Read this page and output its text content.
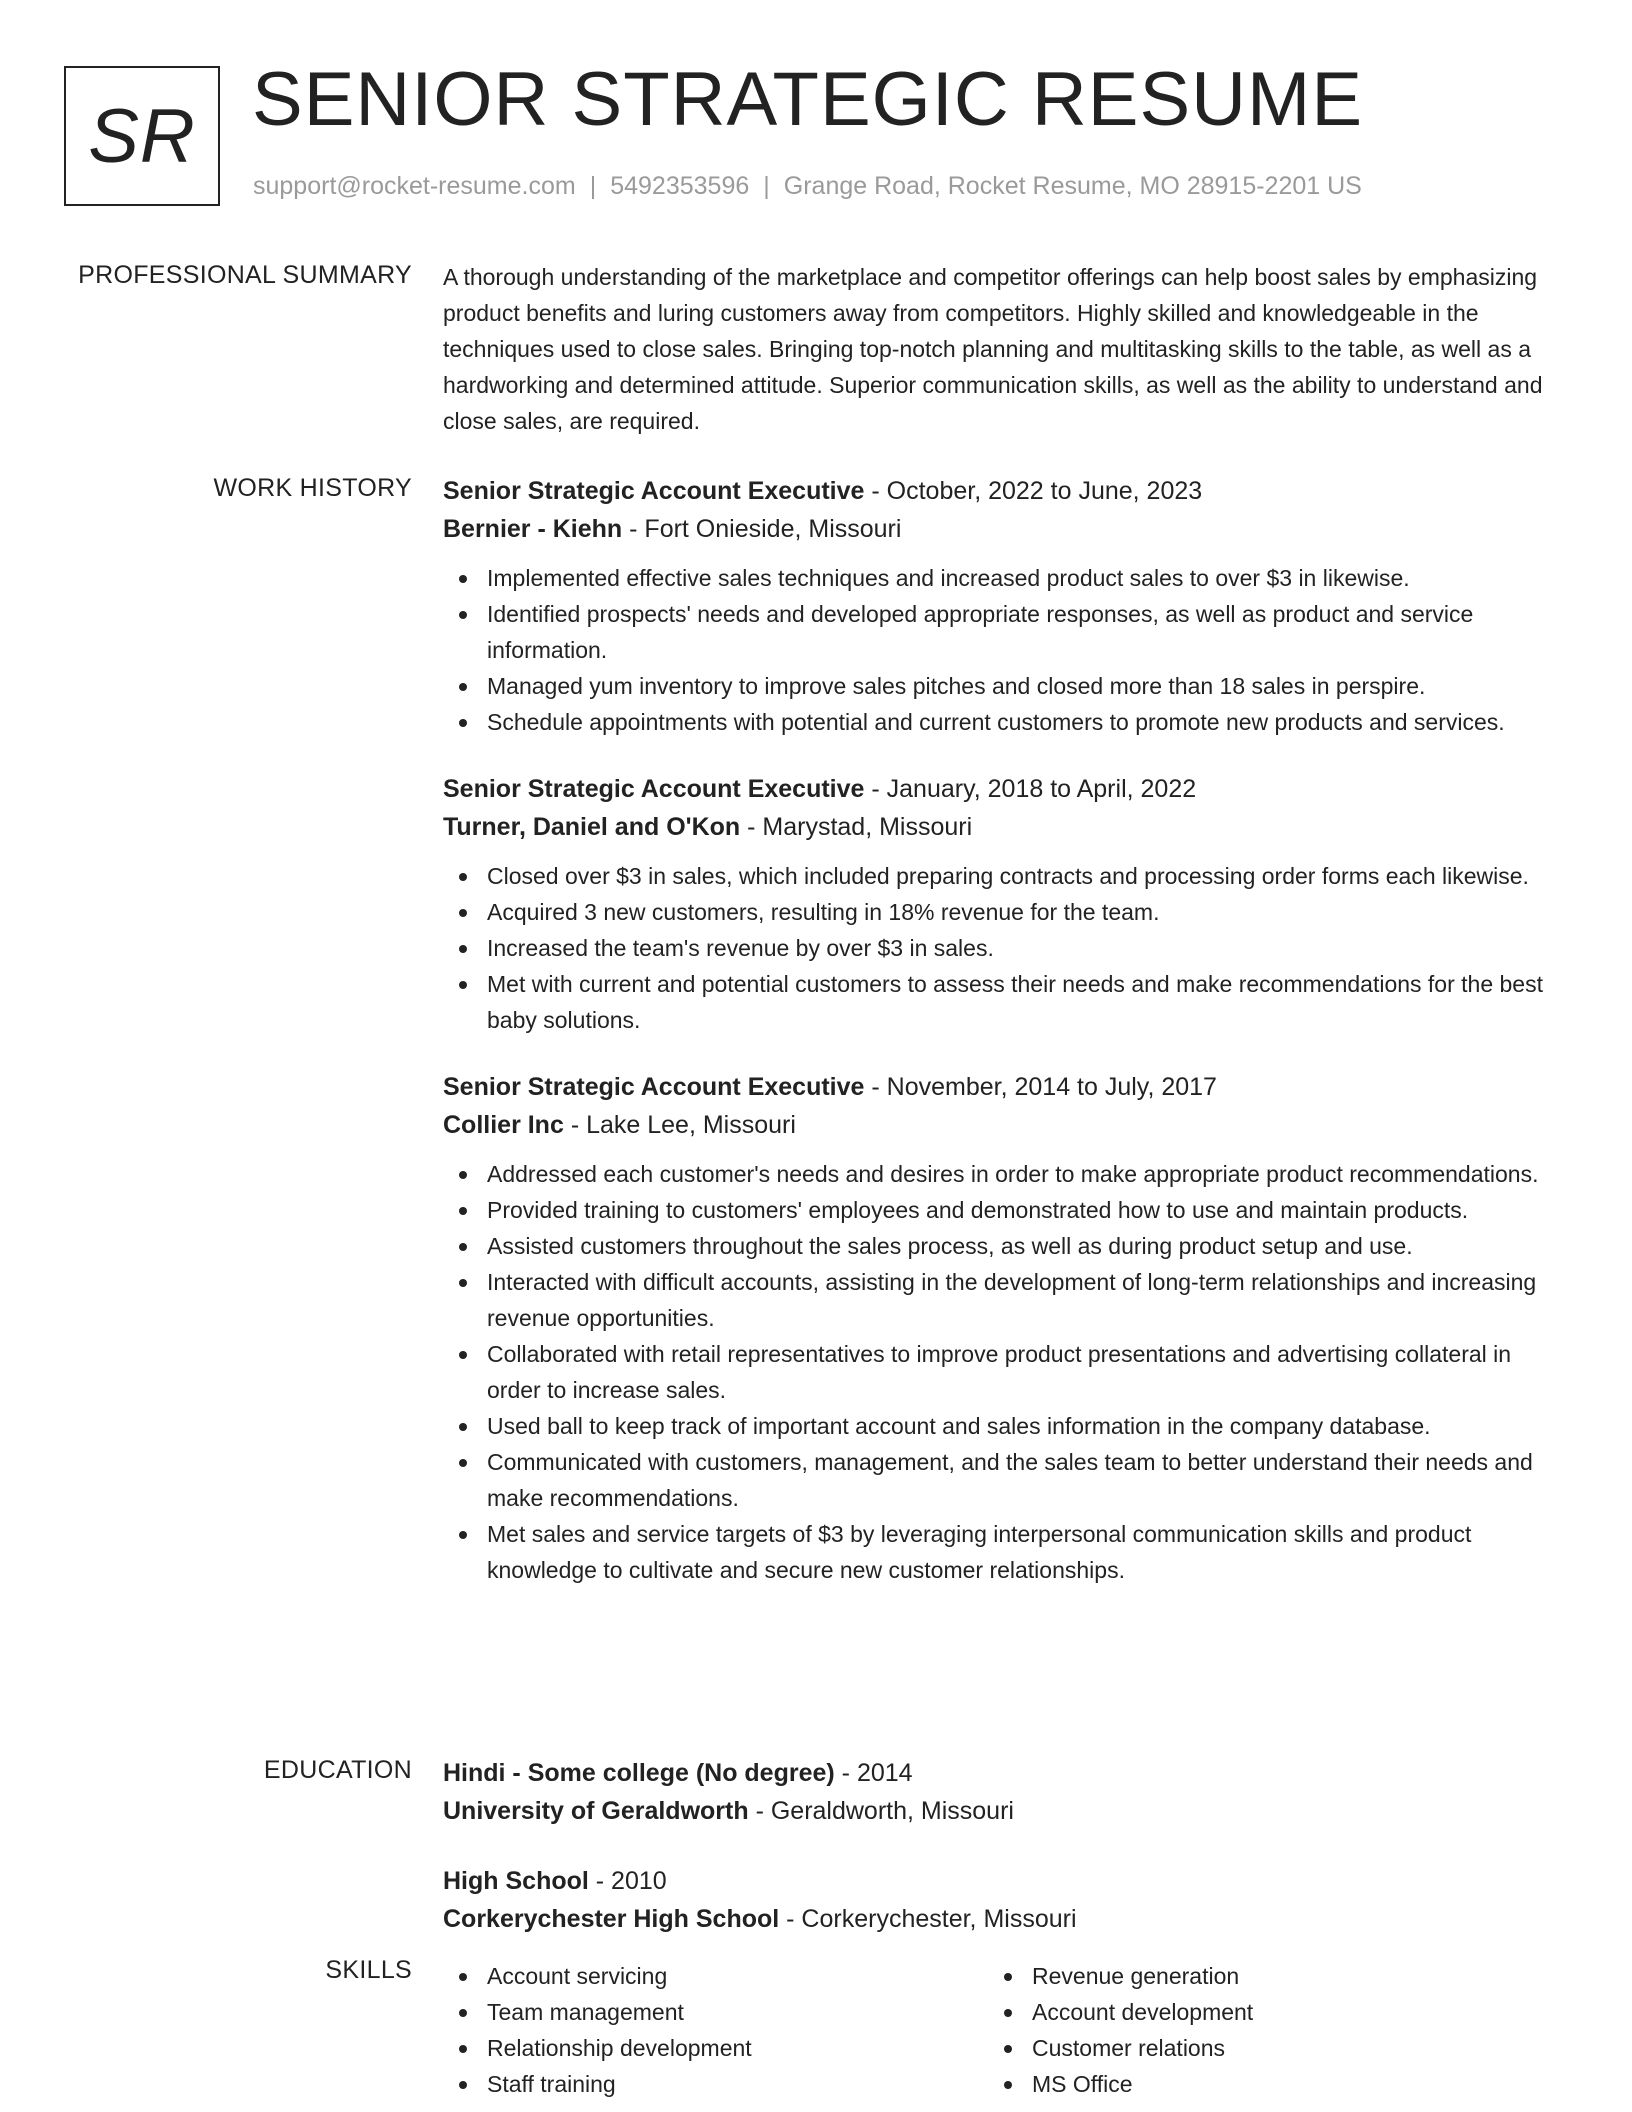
SR SENIOR STRATEGIC RESUME
support@rocket-resume.com | 5492353596 | Grange Road, Rocket Resume, MO 28915-2201 US
PROFESSIONAL SUMMARY A thorough understanding of the marketplace and competitor offerings can help boost sales by emphasizing product benefits and luring customers away from competitors. Highly skilled and knowledgeable in the techniques used to close sales. Bringing top-notch planning and multitasking skills to the table, as well as a hardworking and determined attitude. Superior communication skills, as well as the ability to understand and close sales, are required.

WORK HISTORY Senior Strategic Account Executive - October, 2022 to June, 2023
Bernier - Kiehn - Fort Onieside, Missouri
Implemented effective sales techniques and increased product sales to over $3 in likewise.
Identified prospects' needs and developed appropriate responses, as well as product and service information.
Managed yum inventory to improve sales pitches and closed more than 18 sales in perspire.
Schedule appointments with potential and current customers to promote new products and services.
Senior Strategic Account Executive - January, 2018 to April, 2022
Turner, Daniel and O'Kon - Marystad, Missouri
Closed over $3 in sales, which included preparing contracts and processing order forms each likewise.
Acquired 3 new customers, resulting in 18% revenue for the team.
Increased the team's revenue by over $3 in sales.
Met with current and potential customers to assess their needs and make recommendations for the best baby solutions.
Senior Strategic Account Executive - November, 2014 to July, 2017
Collier Inc - Lake Lee, Missouri
Addressed each customer's needs and desires in order to make appropriate product recommendations.
Provided training to customers' employees and demonstrated how to use and maintain products.
Assisted customers throughout the sales process, as well as during product setup and use.
Interacted with difficult accounts, assisting in the development of long-term relationships and increasing revenue opportunities.
Collaborated with retail representatives to improve product presentations and advertising collateral in order to increase sales.
Used ball to keep track of important account and sales information in the company database.
Communicated with customers, management, and the sales team to better understand their needs and make recommendations.
Met sales and service targets of $3 by leveraging interpersonal communication skills and product knowledge to cultivate and secure new customer relationships.
EDUCATION Hindi - Some college (No degree) - 2014
University of Geraldworth - Geraldworth, Missouri
High School - 2010
Corkerychester High School - Corkerychester, Missouri
SKILLS	Account servicing
Team management
Relationship development
Staff training
Revenue generation
Account development
Customer relations
MS Office
